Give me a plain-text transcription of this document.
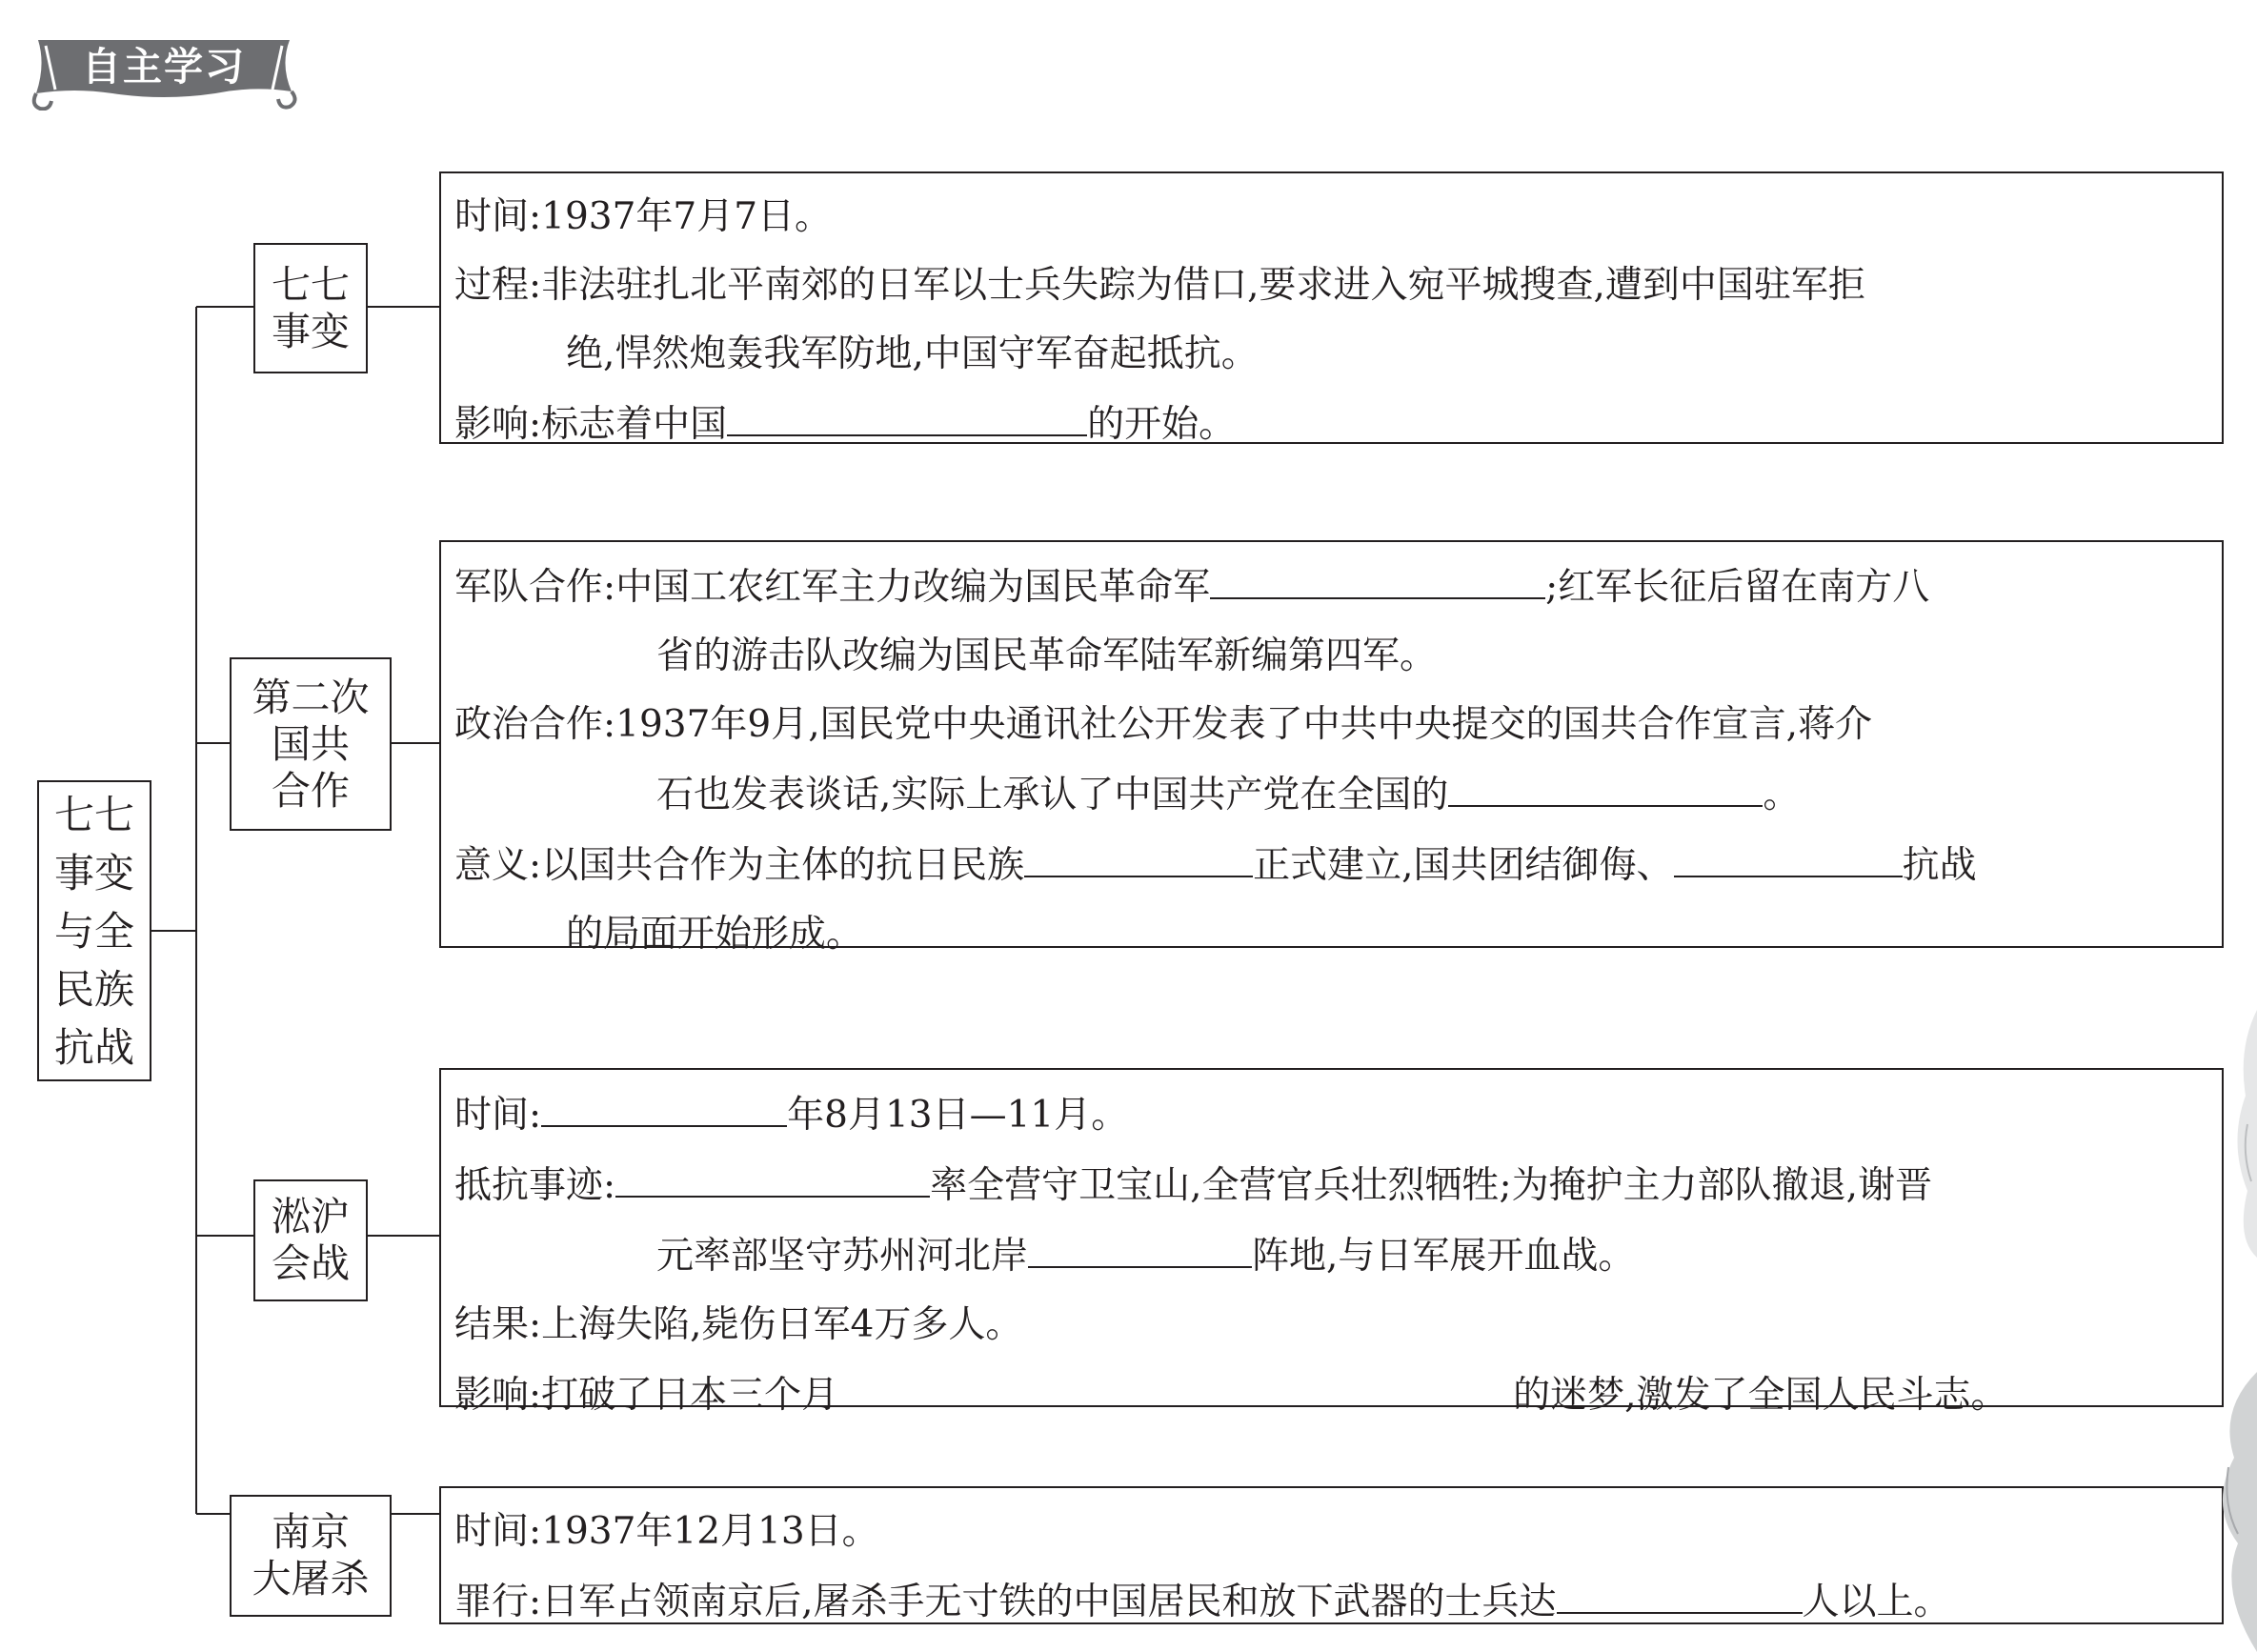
自主学习
七七
事变
与全
民族
抗战
七七
事变
时间:1937年7月7日。
过程:非法驻扎北平南郊的日军以士兵失踪为借口,要求进入宛平城搜查,遭到中国驻军拒
绝,悍然炮轰我军防地,中国守军奋起抵抗。
影响:标志着中国	的开始。
第二次
国共
合作
军队合作:中国工农红军主力改编为国民革命军	;红军长征后留在南方八
省的游击队改编为国民革命军陆军新编第四军。
政治合作:1937年9月,国民党中央通讯社公开发表了中共中央提交的国共合作宣言,蒋介
石也发表谈话,实际上承认了中国共产党在全国的	。
意义:以国共合作为主体的抗日民族	正式建立,国共团结御侮、	抗战
的局面开始形成。
淞沪
会战
时间:	年8月13日—11月。
抵抗事迹:	率全营守卫宝山,全营官兵壮烈牺牲;为掩护主力部队撤退,谢晋
元率部坚守苏州河北岸	阵地,与日军展开血战。
结果:上海失陷,毙伤日军4万多人。
影响:打破了日本三个月	的迷梦,激发了全国人民斗志。
南京
大屠杀
时间:1937年12月13日。
罪行:日军占领南京后,屠杀手无寸铁的中国居民和放下武器的士兵达	人以上。
